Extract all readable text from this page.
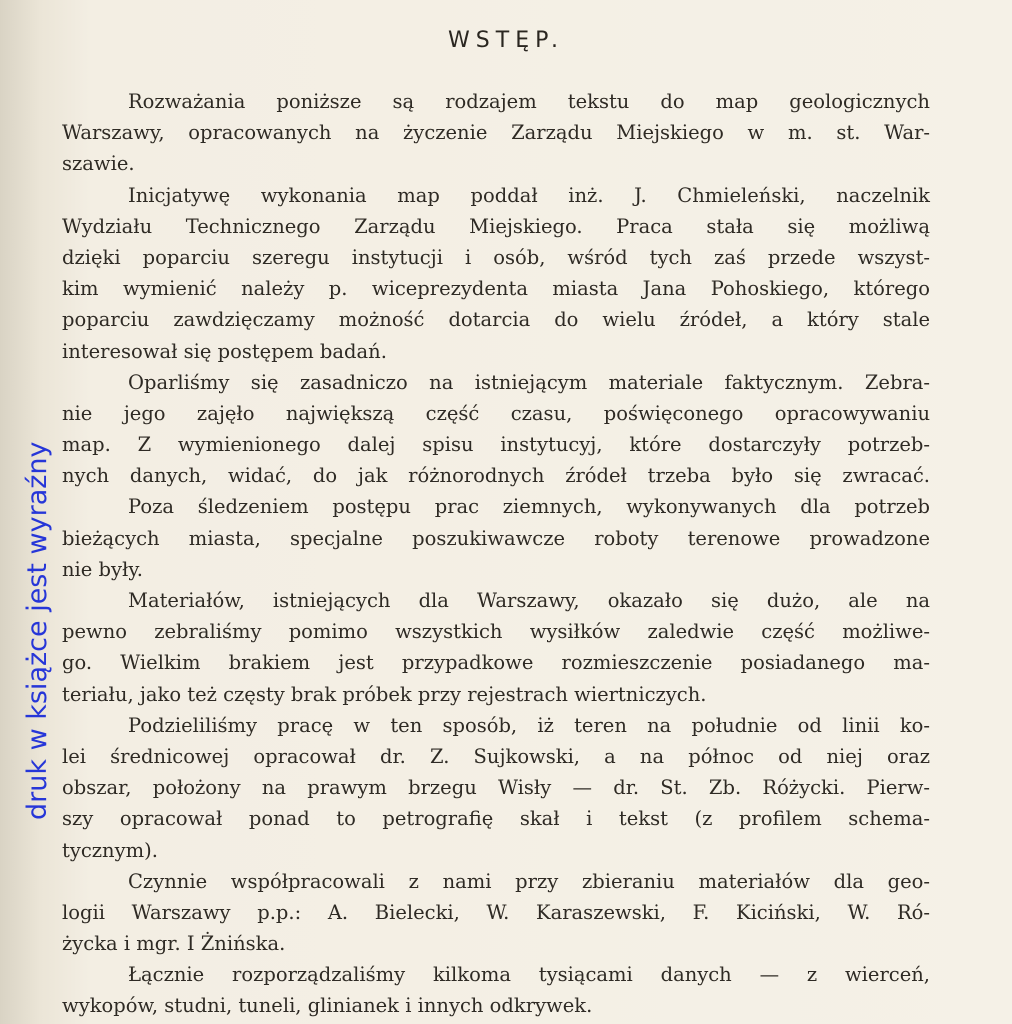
WSTĘP.
druk w książce jest wyraźny
Rozważania poniższe są rodzajem tekstu do map geologicznych
Warszawy, opracowanych na życzenie Zarządu Miejskiego w m. st. War-
szawie.
Inicjatywę wykonania map poddał inż. J. Chmieleński, naczelnik
Wydziału Technicznego Zarządu Miejskiego. Praca stała się możliwą
dzięki poparciu szeregu instytucji i osób, wśród tych zaś przede wszyst-
kim wymienić należy p. wiceprezydenta miasta Jana Pohoskiego, którego
poparciu zawdzięczamy możność dotarcia do wielu źródeł, a który stale
interesował się postępem badań.
Oparliśmy się zasadniczo na istniejącym materiale faktycznym. Zebra-
nie jego zajęło największą część czasu, poświęconego opracowywaniu
map. Z wymienionego dalej spisu instytucyj, które dostarczyły potrzeb-
nych danych, widać, do jak różnorodnych źródeł trzeba było się zwracać.
Poza śledzeniem postępu prac ziemnych, wykonywanych dla potrzeb
bieżących miasta, specjalne poszukiwawcze roboty terenowe prowadzone
nie były.
Materiałów, istniejących dla Warszawy, okazało się dużo, ale na
pewno zebraliśmy pomimo wszystkich wysiłków zaledwie część możliwe-
go. Wielkim brakiem jest przypadkowe rozmieszczenie posiadanego ma-
teriału, jako też częsty brak próbek przy rejestrach wiertniczych.
Podzieliliśmy pracę w ten sposób, iż teren na południe od linii ko-
lei średnicowej opracował dr. Z. Sujkowski, a na północ od niej oraz
obszar, położony na prawym brzegu Wisły — dr. St. Zb. Różycki. Pierw-
szy opracował ponad to petrografię skał i tekst (z profilem schema-
tycznym).
Czynnie współpracowali z nami przy zbieraniu materiałów dla geo-
logii Warszawy p.p.: A. Bielecki, W. Karaszewski, F. Kiciński, W. Ró-
życka i mgr. I Żnińska.
Łącznie rozporządzaliśmy kilkoma tysiącami danych — z wierceń,
wykopów, studni, tuneli, glinianek i innych odkrywek.
